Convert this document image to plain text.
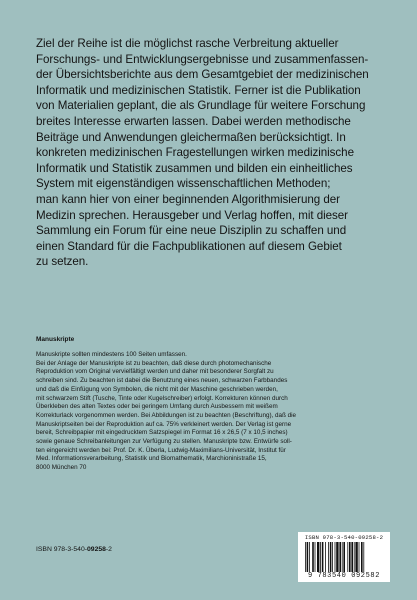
Ziel der Reihe ist die möglichst rasche Verbreitung aktueller
Forschungs- und Entwicklungsergebnisse und zusammenfassen-
der Übersichtsberichte aus dem Gesamtgebiet der medizinischen
Informatik und medizinischen Statistik. Ferner ist die Publikation
von Materialien geplant, die als Grundlage für weitere Forschung
breites Interesse erwarten lassen. Dabei werden methodische
Beiträge und Anwendungen gleichermaßen berücksichtigt. In
konkreten medizinischen Fragestellungen wirken medizinische
Informatik und Statistik zusammen und bilden ein einheitliches
System mit eigenständigen wissenschaftlichen Methoden;
man kann hier von einer beginnenden Algorithmisierung der
Medizin sprechen. Herausgeber und Verlag hoffen, mit dieser
Sammlung ein Forum für eine neue Disziplin zu schaffen und
einen Standard für die Fachpublikationen auf diesem Gebiet
zu setzen.
Manuskripte
Manuskripte sollten mindestens 100 Seiten umfassen.
Bei der Anlage der Manuskripte ist zu beachten, daß diese durch photomechanische
Reproduktion vom Original vervielfältigt werden und daher mit besonderer Sorgfalt zu
schreiben sind. Zu beachten ist dabei die Benutzung eines neuen, schwarzen Farbbandes
und daß die Einfügung von Symbolen, die nicht mit der Maschine geschrieben werden,
mit schwarzem Stift (Tusche, Tinte oder Kugelschreiber) erfolgt. Korrekturen können durch
Überkleben des alten Textes oder bei geringem Umfang durch Ausbessern mit weißem
Korrekturlack vorgenommen werden. Bei Abbildungen ist zu beachten (Beschriftung), daß die
Manuskriptseiten bei der Reproduktion auf ca. 75% verkleinert werden. Der Verlag ist gerne
bereit, Schreibpapier mit eingedrucktem Satzspiegel im Format 16 x 26,5 (7 x 10,5 inches)
sowie genaue Schreibanleitungen zur Verfügung zu stellen. Manuskripte bzw. Entwürfe soll-
ten eingereicht werden bei: Prof. Dr. K. Überla, Ludwig-Maximilians-Universität, Institut für
Med. Informationsverarbeitung, Statistik und Biomathematik, Marchioninistraße 15,
8000 München 70
ISBN 978-3-540-09258-2
ISBN 978-3-540-09258-2
9 783540 092582
